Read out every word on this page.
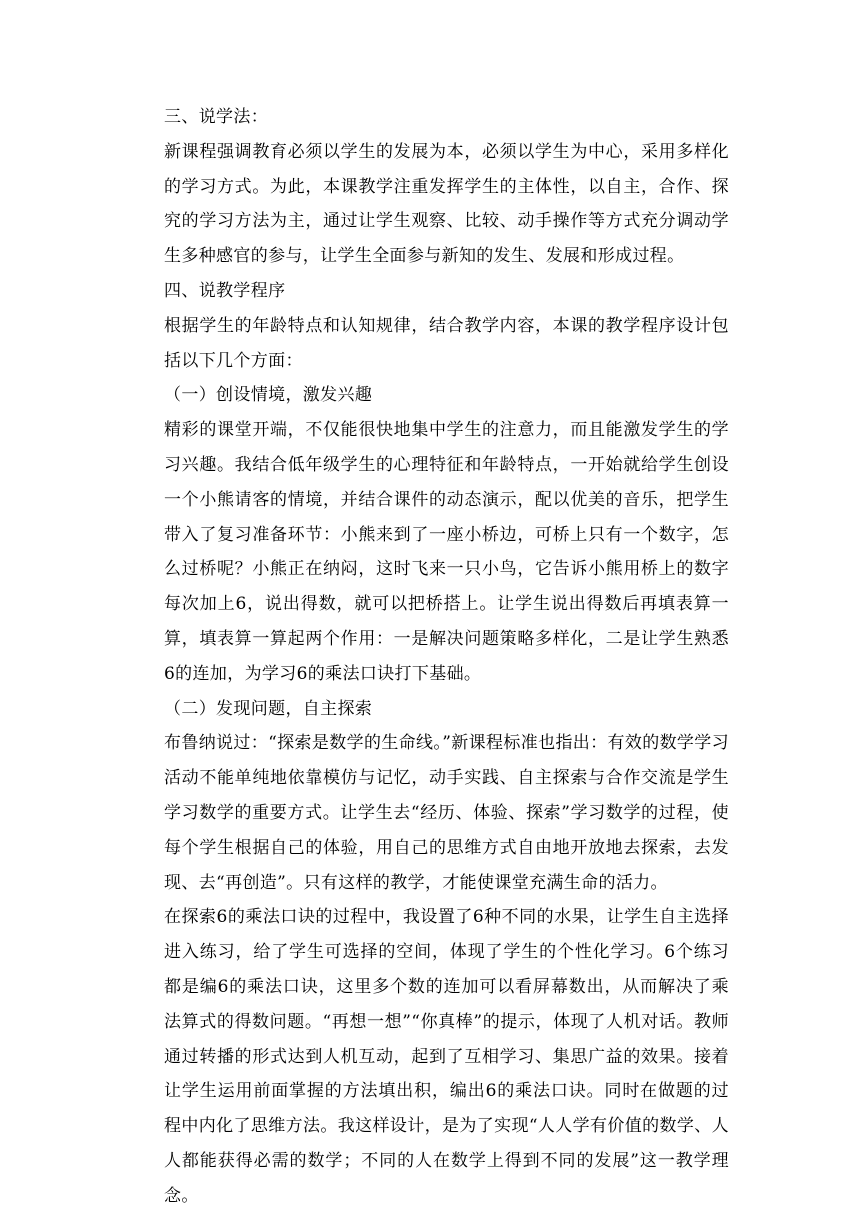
三、说学法：

新课程强调教育必须以学生的发展为本，必须以学生为中心，采用多样化的学习方式。为此，本课教学注重发挥学生的主体性，以自主，合作、探究的学习方法为主，通过让学生观察、比较、动手操作等方式充分调动学生多种感官的参与，让学生全面参与新知的发生、发展和形成过程。

四、说教学程序

根据学生的年龄特点和认知规律，结合教学内容，本课的教学程序设计包括以下几个方面：

（一）创设情境，激发兴趣

精彩的课堂开端，不仅能很快地集中学生的注意力，而且能激发学生的学习兴趣。我结合低年级学生的心理特征和年龄特点，一开始就给学生创设一个小熊请客的情境，并结合课件的动态演示，配以优美的音乐，把学生带入了复习准备环节：小熊来到了一座小桥边，可桥上只有一个数字，怎么过桥呢？小熊正在纳闷，这时飞来一只小鸟，它告诉小熊用桥上的数字每次加上6，说出得数，就可以把桥搭上。让学生说出得数后再填表算一算，填表算一算起两个作用：一是解决问题策略多样化，二是让学生熟悉6的连加，为学习6的乘法口诀打下基础。

（二）发现问题，自主探索

布鲁纳说过：“探索是数学的生命线。”新课程标准也指出：有效的数学学习活动不能单纯地依靠模仿与记忆，动手实践、自主探索与合作交流是学生学习数学的重要方式。让学生去“经历、体验、探索”学习数学的过程，使每个学生根据自己的体验，用自己的思维方式自由地开放地去探索，去发现、去“再创造”。只有这样的教学，才能使课堂充满生命的活力。

在探索6的乘法口诀的过程中，我设置了6种不同的水果，让学生自主选择进入练习，给了学生可选择的空间，体现了学生的个性化学习。6个练习都是编6的乘法口诀，这里多个数的连加可以看屏幕数出，从而解决了乘法算式的得数问题。“再想一想”“你真棒”的提示，体现了人机对话。教师通过转播的形式达到人机互动，起到了互相学习、集思广益的效果。接着让学生运用前面掌握的方法填出积，编出6的乘法口诀。同时在做题的过程中内化了思维方法。我这样设计，是为了实现“人人学有价值的数学、人人都能获得必需的数学；不同的人在数学上得到不同的发展”这一教学理念。
